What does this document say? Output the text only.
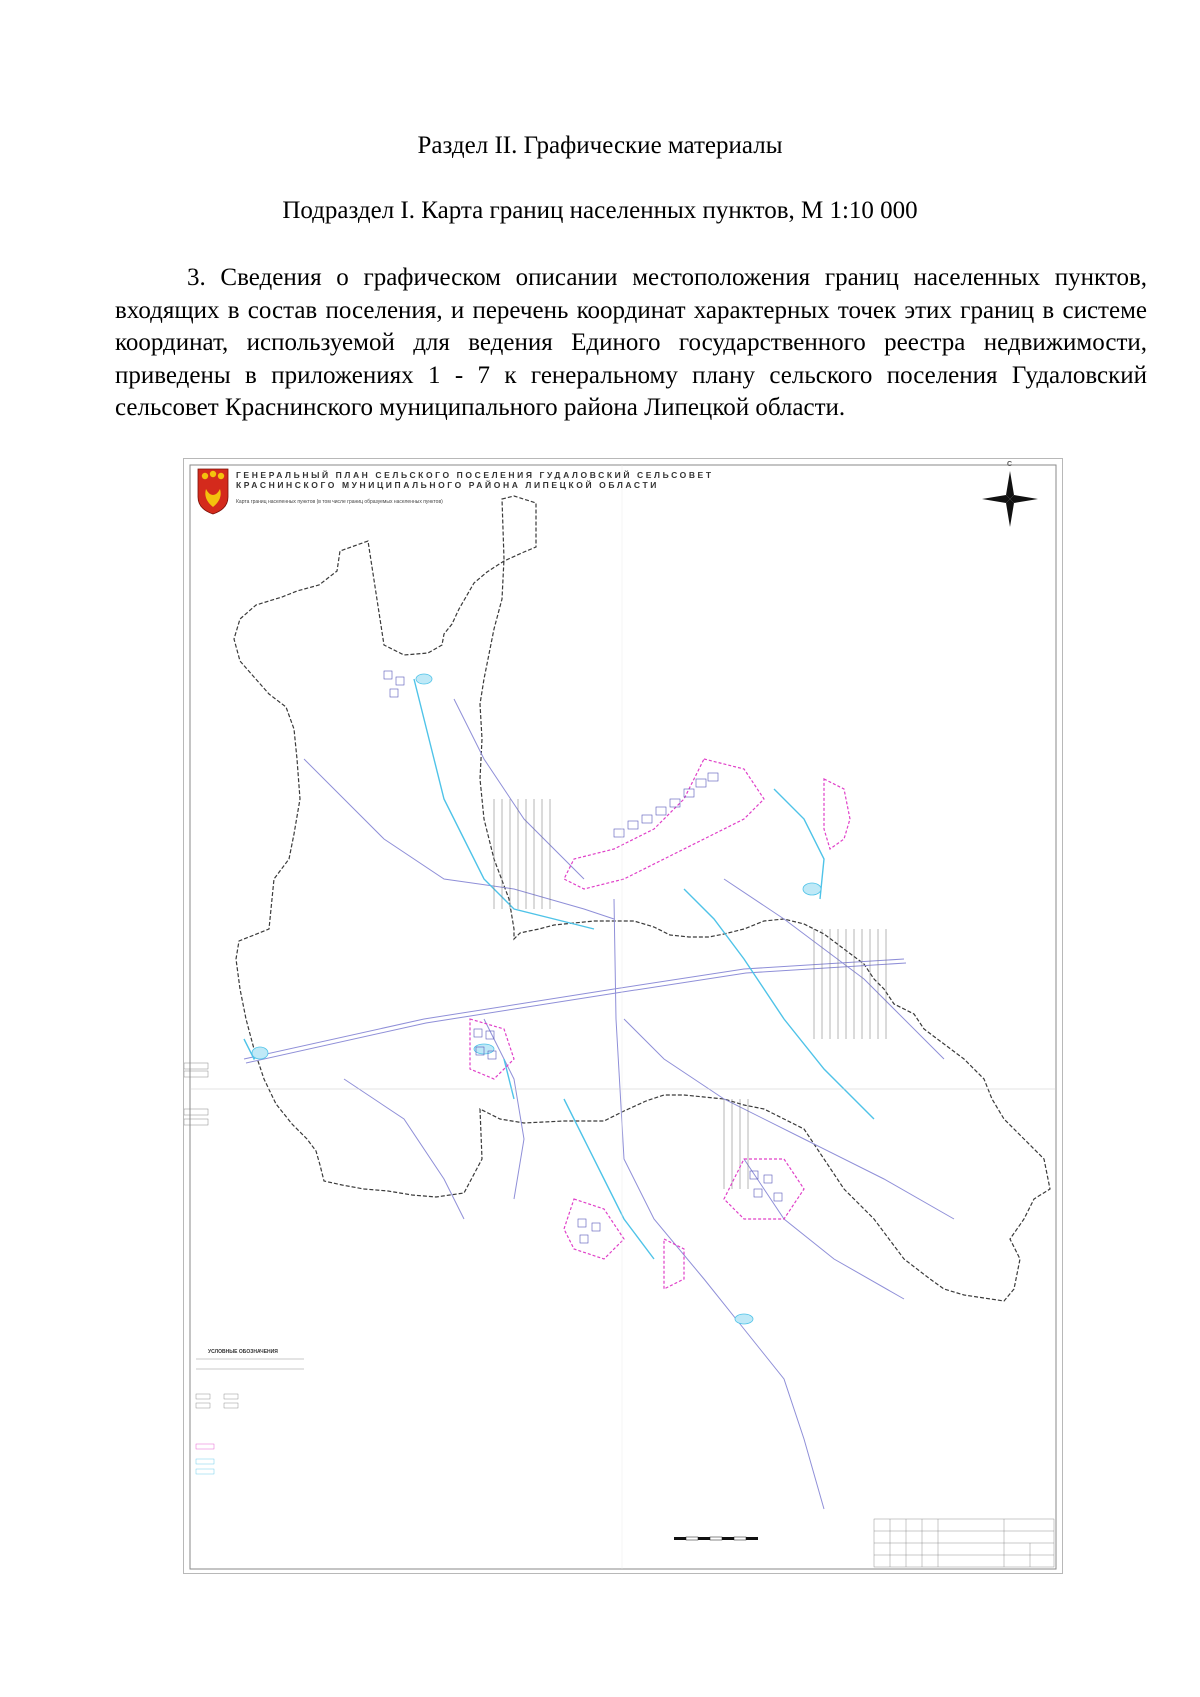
Раздел II. Графические материалы
Подраздел I. Карта границ населенных пунктов, М 1:10 000

3. Сведения о графическом описании местоположения границ населенных пунктов, входящих в состав поселения, и перечень координат характерных точек этих границ в системе координат, используемой для ведения Единого государственного реестра недвижимости, приведены в приложениях 1 - 7 к генеральному плану сельского поселения Гудаловский сельсовет Краснинского муниципального района Липецкой области.

ГЕНЕРАЛЬНЫЙ ПЛАН СЕЛЬСКОГО ПОСЕЛЕНИЯ ГУДАЛОВСКИЙ СЕЛЬСОВЕТ
КРАСНИНСКОГО МУНИЦИПАЛЬНОГО РАЙОНА ЛИПЕЦКОЙ ОБЛАСТИ
Карта границ населенных пунктов (в том числе границ образуемых населенных пунктов)
С
УСЛОВНЫЕ ОБОЗНАЧЕНИЯ
